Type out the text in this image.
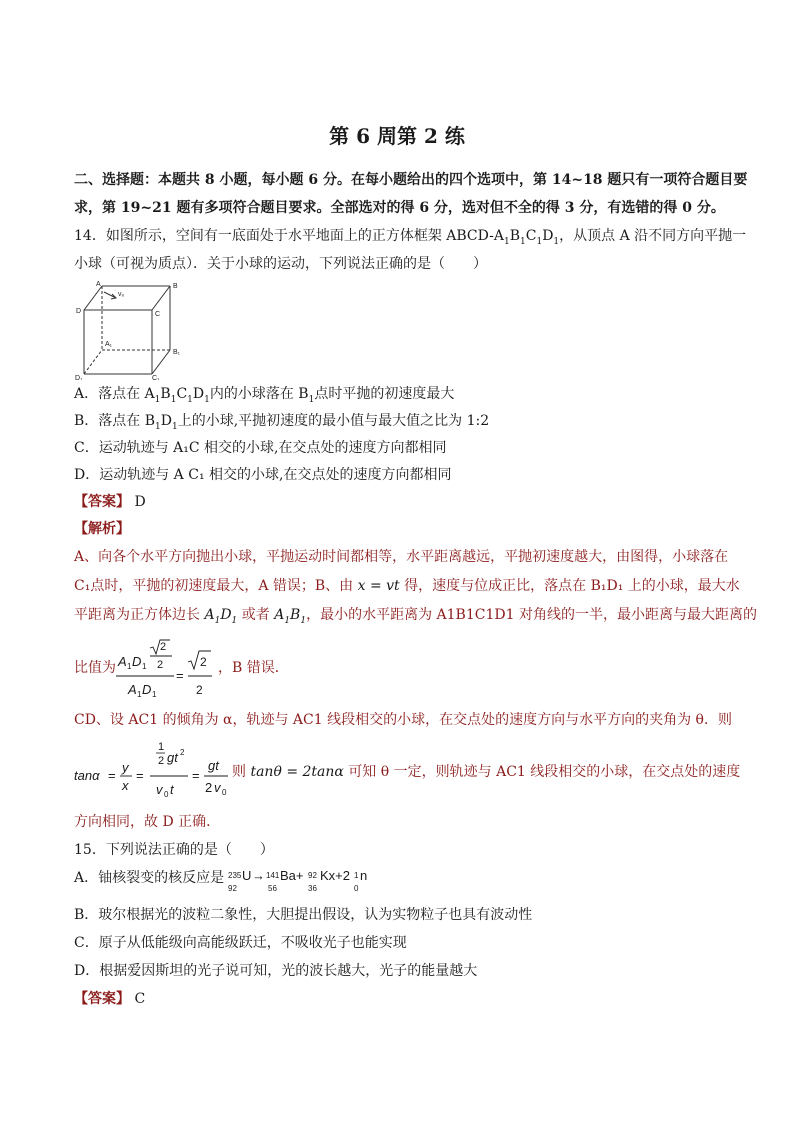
第 6 周第 2 练
二、选择题：本题共 8 小题，每小题 6 分。在每小题给出的四个选项中，第 14~18 题只有一项符合题目要
求，第 19~21 题有多项符合题目要求。全部选对的得 6 分，选对但不全的得 3 分，有选错的得 0 分。
14．如图所示，空间有一底面处于水平地面上的正方体框架 ABCD-$A_1B_1C_1D_1$，从顶点 A 沿不同方向平抛一
小球（可视为质点）．关于小球的运动，下列说法正确的是（　　）
A	B
C
D
A₁
B₁
C₁
D₁
v₀
A．落点在 $A_1B_1C_1D_1$内的小球落在 $B_1$点时平抛的初速度最大
B．落点在 $B_1D_1$上的小球,平抛初速度的最小值与最大值之比为 1:2
C．运动轨迹与 A₁C 相交的小球,在交点处的速度方向都相同
D．运动轨迹与 A C₁ 相交的小球,在交点处的速度方向都相同
【答案】 D
【解析】
A、向各个水平方向抛出小球，平抛运动时间都相等，水平距离越远，平抛初速度越大，由图得，小球落在
C₁点时，平抛的初速度最大，A 错误；B、由 x = vt 得，速度与位成正比，落点在 B₁D₁ 上的小球，最大水
平距离为正方体边长 $A_1D_1$ 或者 $A_1B_1$，最小的水平距离为 A1B1C1D1 对角线的一半，最小距离与最大距离的
比值为 A 1 D 1
2
2
A 1 D 1
=
2
2
，B 错误．
CD、设 AC1 的倾角为 α，轨迹与 AC1 线段相交的小球，在交点处的速度方向与水平方向的夹角为 θ．则
tanα =
y
x
=
1
2 gt 2
v 0 t
=
gt
2 v 0
则 tanθ = 2tanα 可知 θ 一定，则轨迹与 AC1 线段相交的小球，在交点处的速度
方向相同，故 D 正确．
15．下列说法正确的是（　　）
A．铀核裂变的核反应是 235 U
92
→ 141 Ba+
56
92 Kx+2
36
1 n
0
B．玻尔根据光的波粒二象性，大胆提出假设，认为实物粒子也具有波动性
C．原子从低能级向高能级跃迁，不吸收光子也能实现
D．根据爱因斯坦的光子说可知，光的波长越大，光子的能量越大
【答案】 C
